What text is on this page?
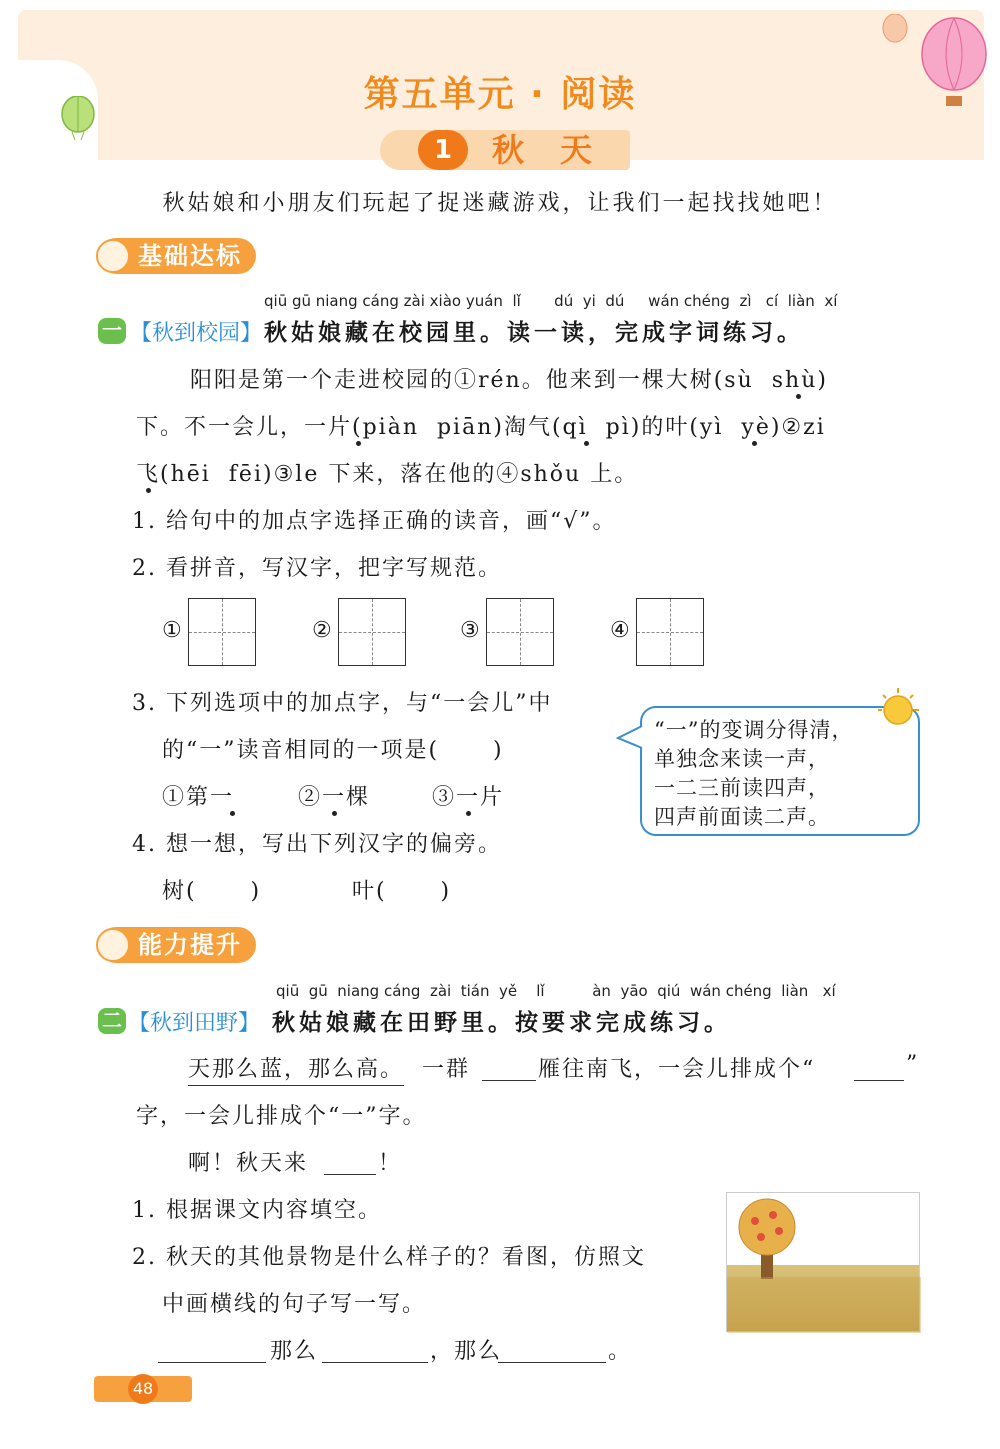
第五单元 · 阅读
1	秋天
秋姑娘和小朋友们玩起了捉迷藏游戏，让我们一起找找她吧！
基础达标
qiū gū niang cáng zài xiào yuán  lǐ       dú  yi  dú     wán chéng  zì   cí  liàn  xí
一 【秋到校园】 秋姑娘藏在校园里。读一读，完成字词练习。
阳阳是第一个走进校园的①rén。他来到一棵大树(sù  shù)
下。不一会儿，一片(piàn  piān)淘气(qì  pì)的叶(yì  yè)②zi
飞(hēi  fēi)③le 下来，落在他的④shǒu 上。
1. 给句中的加点字选择正确的读音，画“√”。
2. 看拼音，写汉字，把字写规范。
①	②	③	④
3. 下列选项中的加点字，与“一会儿”中
的“一”读音相同的一项是(      )
①第一	②一棵	③一片
4. 想一想，写出下列汉字的偏旁。
树(      )	叶(      )
“一”的变调分得清，
单独念来读一声，
一二三前读四声，
四声前面读二声。
能力提升
qiū  gū  niang cáng  zài  tián  yě    lǐ          àn  yāo  qiú  wán chéng  liàn   xí
二 【秋到田野】 秋姑娘藏在田野里。按要求完成练习。
天那么蓝，那么高。 一群	雁往南飞，一会儿排成个“	”
字，一会儿排成个“一”字。
啊！秋天来	！
1. 根据课文内容填空。
2. 秋天的其他景物是什么样子的？看图，仿照文
中画横线的句子写一写。
那么	，那么	。
48
